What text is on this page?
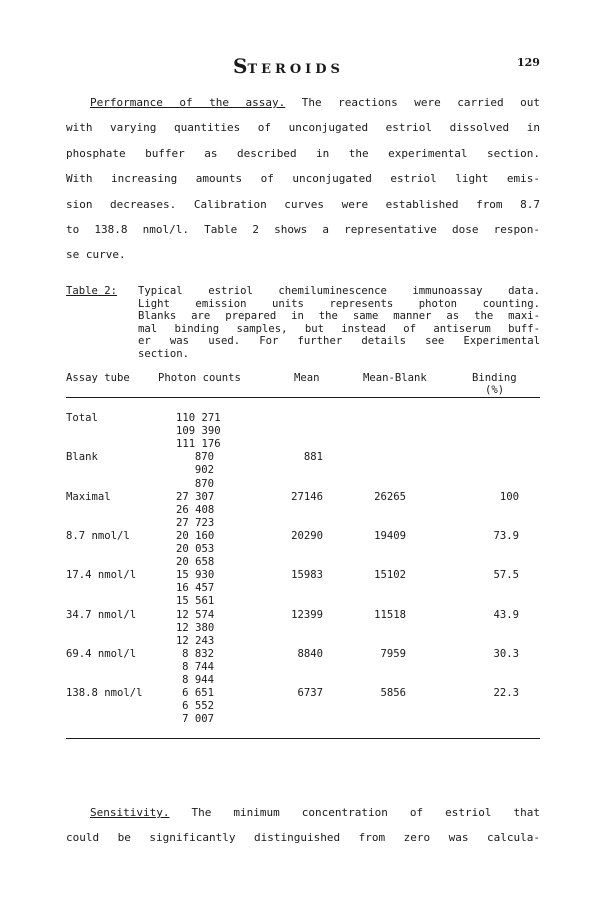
STEROIDS	129
Performance of the assay. The reactions were carried out
with varying quantities of unconjugated estriol dissolved in
phosphate buffer as described in the experimental section.
With increasing amounts of unconjugated estriol light emis-
sion decreases. Calibration curves were established from 8.7
to 138.8 nmol/l. Table 2 shows a representative dose respon-
se curve.
Table 2: Typical estriol chemiluminescence immunoassay data.
Light emission units represents photon counting.
Blanks are prepared in the same manner as the maxi-
mal binding samples, but instead of antiserum buff-
er was used. For further details see Experimental
section.
Assay tube	Photon counts	Mean	Mean-Blank	Binding
(%)
Total	110 271
109 390
111 176
Blank	870	881
902
870
Maximal	27 307	27146	26265	100
26 408
27 723
8.7 nmol/l	20 160	20290	19409	73.9
20 053
20 658
17.4 nmol/l	15 930	15983	15102	57.5
16 457
15 561
34.7 nmol/l	12 574	12399	11518	43.9
12 380
12 243
69.4 nmol/l	8 832	8840	7959	30.3
8 744
8 944
138.8 nmol/l	6 651	6737	5856	22.3
6 552
7 007
Sensitivity. The minimum concentration of estriol that
could be significantly distinguished from zero was calcula-
